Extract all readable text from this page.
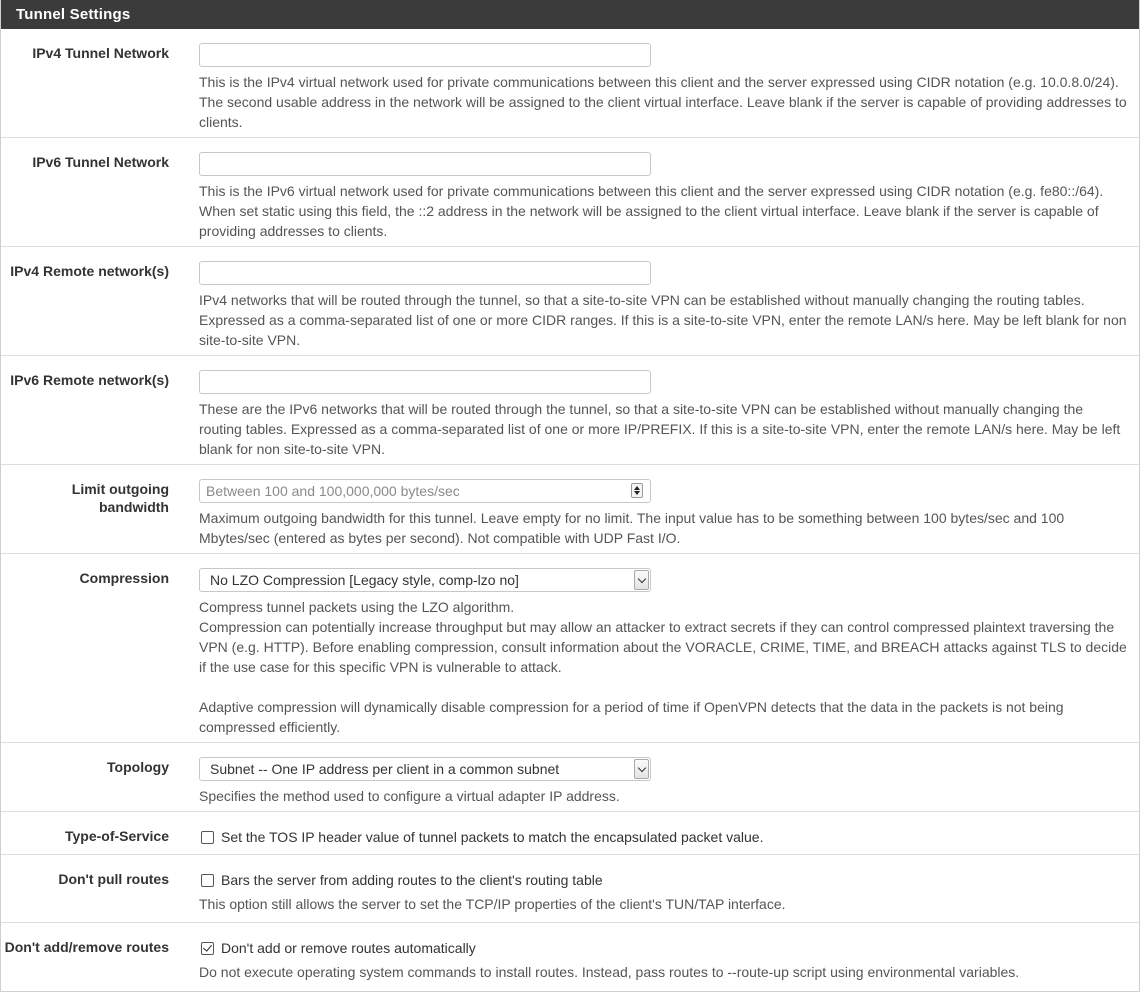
Tunnel Settings
IPv4 Tunnel Network
This is the IPv4 virtual network used for private communications between this client and the server expressed using CIDR notation (e.g. 10.0.8.0/24). The second usable address in the network will be assigned to the client virtual interface. Leave blank if the server is capable of providing addresses to clients.
IPv6 Tunnel Network
This is the IPv6 virtual network used for private communications between this client and the server expressed using CIDR notation (e.g. fe80::/64). When set static using this field, the ::2 address in the network will be assigned to the client virtual interface. Leave blank if the server is capable of providing addresses to clients.
IPv4 Remote network(s)
IPv4 networks that will be routed through the tunnel, so that a site-to-site VPN can be established without manually changing the routing tables. Expressed as a comma-separated list of one or more CIDR ranges. If this is a site-to-site VPN, enter the remote LAN/s here. May be left blank for non site-to-site VPN.
IPv6 Remote network(s)
These are the IPv6 networks that will be routed through the tunnel, so that a site-to-site VPN can be established without manually changing the routing tables. Expressed as a comma-separated list of one or more IP/PREFIX. If this is a site-to-site VPN, enter the remote LAN/s here. May be left blank for non site-to-site VPN.
Limit outgoing bandwidth
Between 100 and 100,000,000 bytes/sec
Maximum outgoing bandwidth for this tunnel. Leave empty for no limit. The input value has to be something between 100 bytes/sec and 100 Mbytes/sec (entered as bytes per second). Not compatible with UDP Fast I/O.
Compression	No LZO Compression [Legacy style, comp-lzo no]

Compress tunnel packets using the LZO algorithm.

Compression can potentially increase throughput but may allow an attacker to extract secrets if they can control compressed plaintext traversing the VPN (e.g. HTTP). Before enabling compression, consult information about the VORACLE, CRIME, TIME, and BREACH attacks against TLS to decide if the use case for this specific VPN is vulnerable to attack.

Adaptive compression will dynamically disable compression for a period of time if OpenVPN detects that the data in the packets is not being compressed efficiently.

Topology	Subnet -- One IP address per client in a common subnet
Specifies the method used to configure a virtual adapter IP address.
Type-of-Service	Set the TOS IP header value of tunnel packets to match the encapsulated packet value.
Don't pull routes	Bars the server from adding routes to the client's routing table
This option still allows the server to set the TCP/IP properties of the client's TUN/TAP interface.
Don't add/remove routes	Don't add or remove routes automatically
Do not execute operating system commands to install routes. Instead, pass routes to --route-up script using environmental variables.
